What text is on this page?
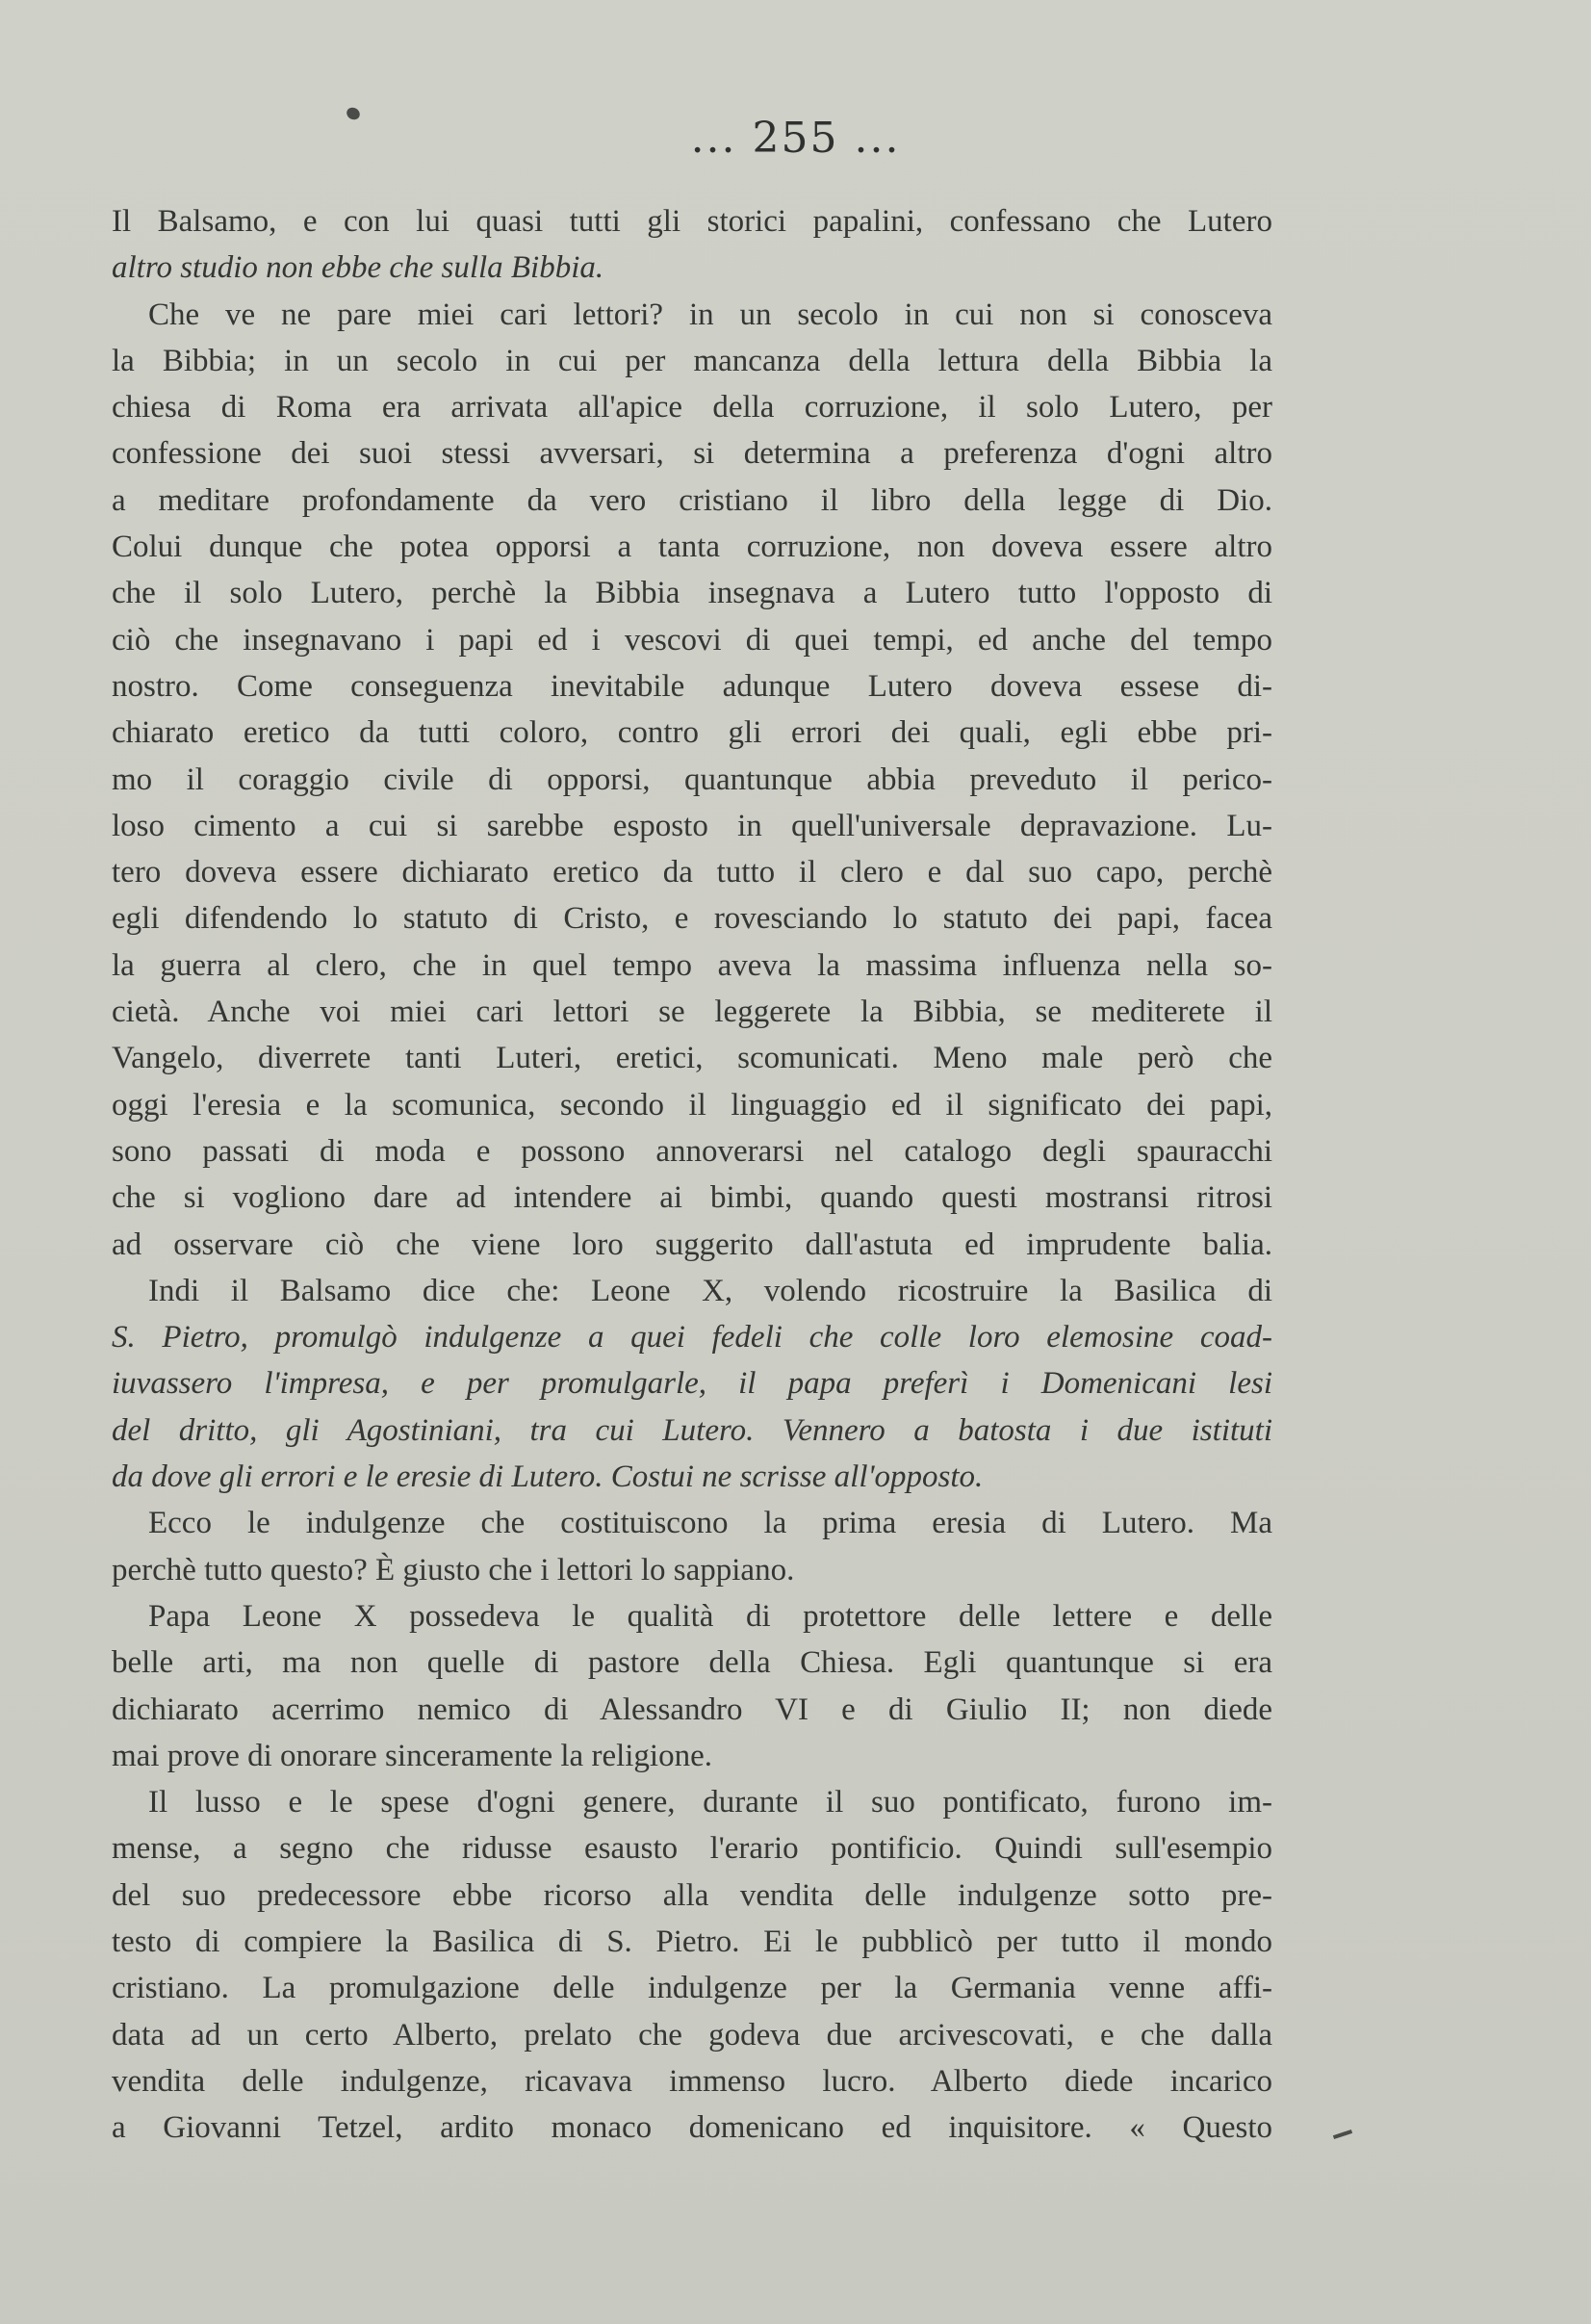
... 255 ...
Il Balsamo, e con lui quasi tutti gli storici papalini, confessano che Lutero
altro studio non ebbe che sulla Bibbia.
Che ve ne pare miei cari lettori? in un secolo in cui non si conosceva
la Bibbia; in un secolo in cui per mancanza della lettura della Bibbia la
chiesa di Roma era arrivata all'apice della corruzione, il solo Lutero, per
confessione dei suoi stessi avversari, si determina a preferenza d'ogni altro
a meditare profondamente da vero cristiano il libro della legge di Dio.
Colui dunque che potea opporsi a tanta corruzione, non doveva essere altro
che il solo Lutero, perchè la Bibbia insegnava a Lutero tutto l'opposto di
ciò che insegnavano i papi ed i vescovi di quei tempi, ed anche del tempo
nostro. Come conseguenza inevitabile adunque Lutero doveva essese di-
chiarato eretico da tutti coloro, contro gli errori dei quali, egli ebbe pri-
mo il coraggio civile di opporsi, quantunque abbia preveduto il perico-
loso cimento a cui si sarebbe esposto in quell'universale depravazione. Lu-
tero doveva essere dichiarato eretico da tutto il clero e dal suo capo, perchè
egli difendendo lo statuto di Cristo, e rovesciando lo statuto dei papi, facea
la guerra al clero, che in quel tempo aveva la massima influenza nella so-
cietà. Anche voi miei cari lettori se leggerete la Bibbia, se mediterete il
Vangelo, diverrete tanti Luteri, eretici, scomunicati. Meno male però che
oggi l'eresia e la scomunica, secondo il linguaggio ed il significato dei papi,
sono passati di moda e possono annoverarsi nel catalogo degli spauracchi
che si vogliono dare ad intendere ai bimbi, quando questi mostransi ritrosi
ad osservare ciò che viene loro suggerito dall'astuta ed imprudente balia.
Indi il Balsamo dice che: Leone X, volendo ricostruire la Basilica di
S. Pietro, promulgò indulgenze a quei fedeli che colle loro elemosine coad-
iuvassero l'impresa, e per promulgarle, il papa preferì i Domenicani lesi
del dritto, gli Agostiniani, tra cui Lutero. Vennero a batosta i due istituti
da dove gli errori e le eresie di Lutero. Costui ne scrisse all'opposto.
Ecco le indulgenze che costituiscono la prima eresia di Lutero. Ma
perchè tutto questo? È giusto che i lettori lo sappiano.
Papa Leone X possedeva le qualità di protettore delle lettere e delle
belle arti, ma non quelle di pastore della Chiesa. Egli quantunque si era
dichiarato acerrimo nemico di Alessandro VI e di Giulio II; non diede
mai prove di onorare sinceramente la religione.
Il lusso e le spese d'ogni genere, durante il suo pontificato, furono im-
mense, a segno che ridusse esausto l'erario pontificio. Quindi sull'esempio
del suo predecessore ebbe ricorso alla vendita delle indulgenze sotto pre-
testo di compiere la Basilica di S. Pietro. Ei le pubblicò per tutto il mondo
cristiano. La promulgazione delle indulgenze per la Germania venne affi-
data ad un certo Alberto, prelato che godeva due arcivescovati, e che dalla
vendita delle indulgenze, ricavava immenso lucro. Alberto diede incarico
a Giovanni Tetzel, ardito monaco domenicano ed inquisitore. « Questo
